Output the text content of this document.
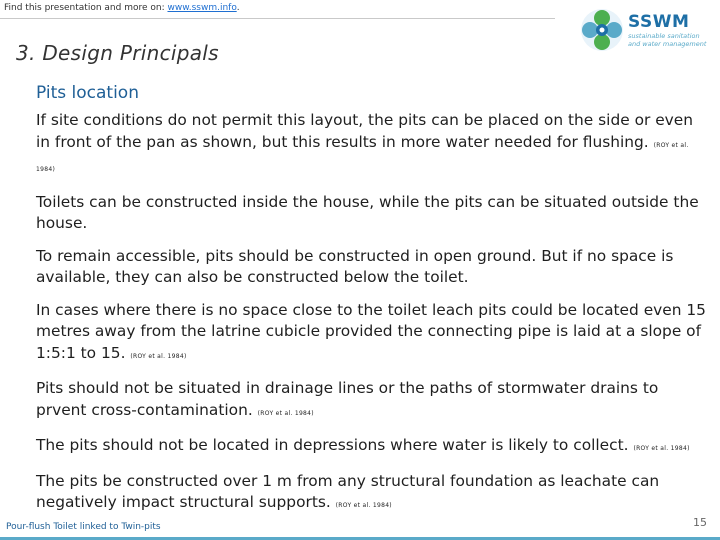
Find this presentation and more on: www.sswm.info.
SSWM
sustainable sanitation
and water management
3. Design Principals
Pits location

If site conditions do not permit this layout, the pits can be placed on the side or even in front of the pan as shown, but this results in more water needed for flushing. (ROY et al. 1984)

Toilets can be constructed inside the house, while the pits can be situated outside the house.

To remain accessible, pits should be constructed in open ground. But if no space is available, they can also be constructed below the toilet.

In cases where there is no space close to the toilet leach pits could be located even 15 metres away from the latrine cubicle provided the connecting pipe is laid at a slope of 1:5:1 to 15. (ROY et al. 1984)

Pits should not be situated in drainage lines or the paths of stormwater drains to prvent cross-contamination. (ROY et al. 1984)

The pits should not be located in depressions where water is likely to collect. (ROY et al. 1984)

The pits be constructed over 1 m from any structural foundation as leachate can negatively impact structural supports. (ROY et al. 1984)

Pour-flush Toilet linked to Twin-pits	15
